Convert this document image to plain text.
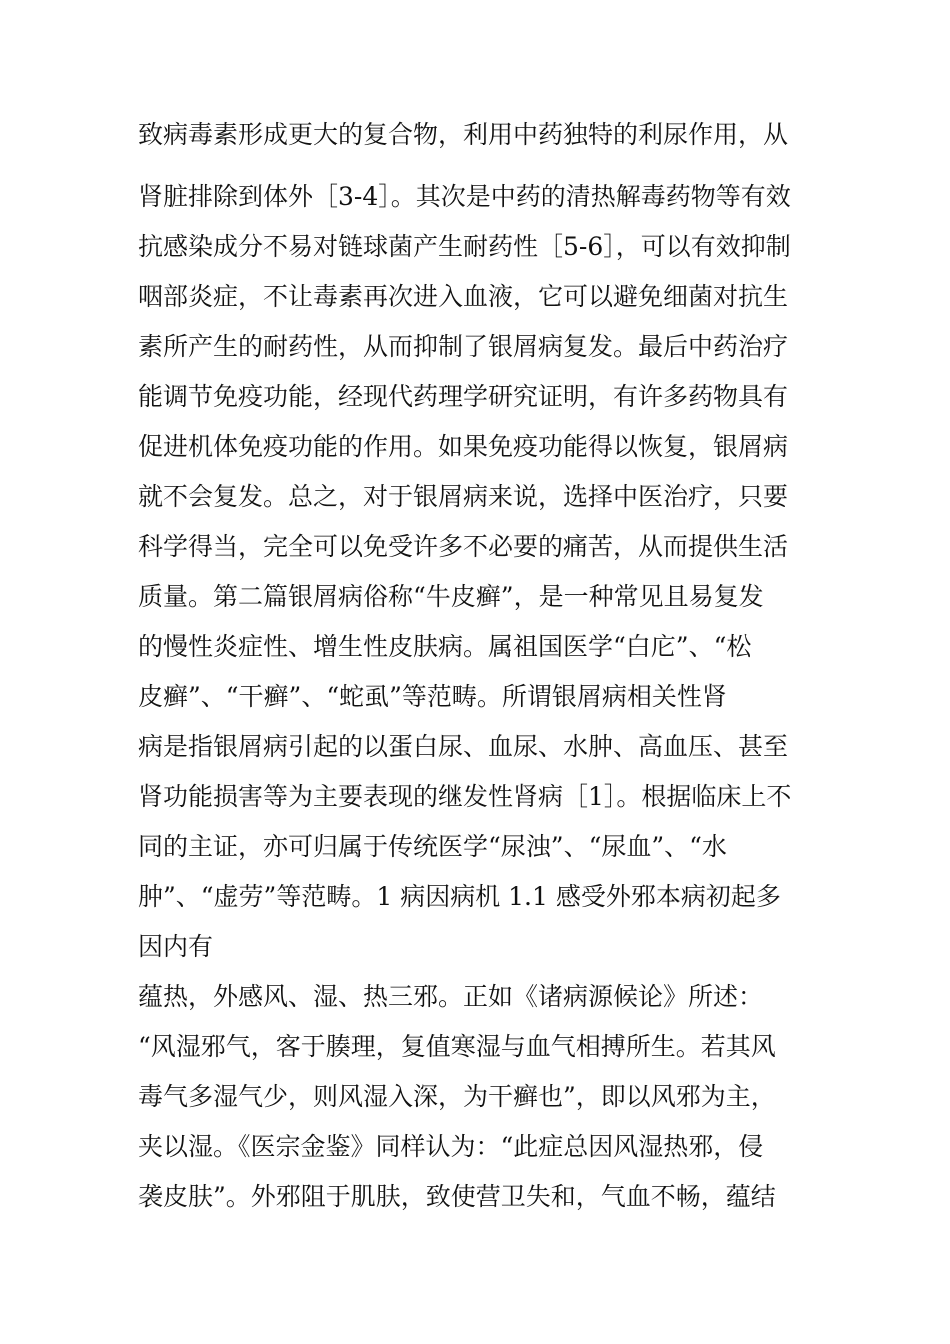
致病毒素形成更大的复合物，利用中药独特的利尿作用，从
肾脏排除到体外［3-4］。其次是中药的清热解毒药物等有效
抗感染成分不易对链球菌产生耐药性［5-6］，可以有效抑制
咽部炎症，不让毒素再次进入血液，它可以避免细菌对抗生
素所产生的耐药性，从而抑制了银屑病复发。最后中药治疗
能调节免疫功能，经现代药理学研究证明，有许多药物具有
促进机体免疫功能的作用。如果免疫功能得以恢复，银屑病
就不会复发。总之，对于银屑病来说，选择中医治疗，只要
科学得当，完全可以免受许多不必要的痛苦，从而提供生活
质量。第二篇银屑病俗称“牛皮癣”，是一种常见且易复发
的慢性炎症性、增生性皮肤病。属祖国医学“白庀”、“松
皮癣”、“干癣”、“蛇虱”等范畴。所谓银屑病相关性肾
病是指银屑病引起的以蛋白尿、血尿、水肿、高血压、甚至
肾功能损害等为主要表现的继发性肾病［1］。根据临床上不
同的主证，亦可归属于传统医学“尿浊”、“尿血”、“水
肿”、“虚劳”等范畴。1 病因病机 1.1 感受外邪本病初起多
因内有
蕴热，外感风、湿、热三邪。正如《诸病源候论》所述：
“风湿邪气，客于腠理，复值寒湿与血气相搏所生。若其风
毒气多湿气少，则风湿入深，为干癣也”，即以风邪为主，
夹以湿。《医宗金鉴》同样认为：“此症总因风湿热邪，侵
袭皮肤”。外邪阻于肌肤，致使营卫失和，气血不畅，蕴结
